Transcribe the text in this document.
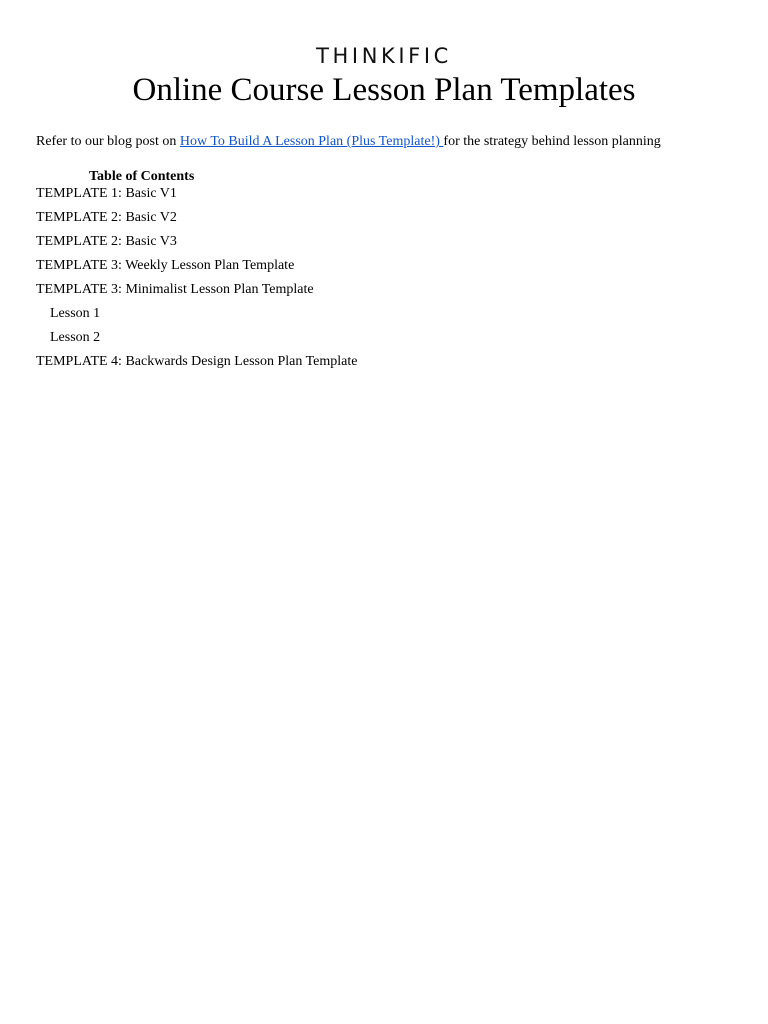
THINKIFIC
Online Course Lesson Plan Templates
Refer to our blog post on How To Build A Lesson Plan (Plus Template!) for the strategy behind lesson planning
Table of Contents
TEMPLATE 1: Basic V1
TEMPLATE 2: Basic V2
TEMPLATE 2: Basic V3
TEMPLATE 3: Weekly Lesson Plan Template
TEMPLATE 3: Minimalist Lesson Plan Template
Lesson 1
Lesson 2
TEMPLATE 4: Backwards Design Lesson Plan Template
